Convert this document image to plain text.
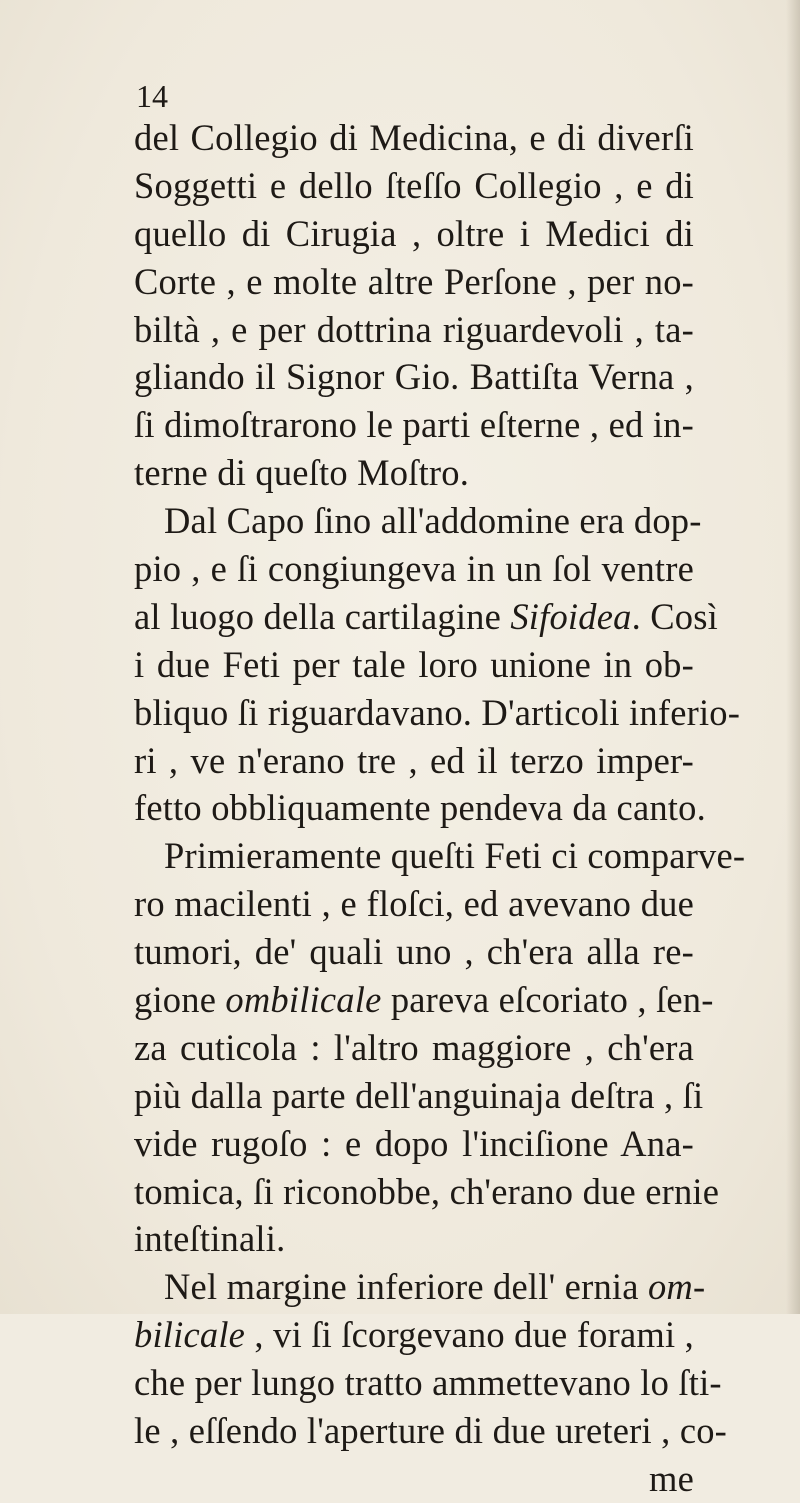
14
del Collegio di Medicina, e di diverſi
Soggetti e dello ſteſſo Collegio , e di
quello di Cirugia , oltre i Medici di
Corte , e molte altre Perſone , per no-
biltà , e per dottrina riguardevoli , ta-
gliando il Signor Gio. Battiſta Verna ,
ſi dimoſtrarono le parti eſterne , ed in-
terne di queſto Moſtro.
Dal Capo ſino all'addomine era dop-
pio , e ſi congiungeva in un ſol ventre
al luogo della cartilagine Sifoidea. Così
i due Feti per tale loro unione in ob-
bliquo ſi riguardavano. D'articoli inferio-
ri , ve n'erano tre , ed il terzo imper-
fetto obbliquamente pendeva da canto.
Primieramente queſti Feti ci comparve-
ro macilenti , e floſci, ed avevano due
tumori, de' quali uno , ch'era alla re-
gione ombilicale pareva eſcoriato , ſen-
za cuticola : l'altro maggiore , ch'era
più dalla parte dell'anguinaja deſtra , ſi
vide rugoſo : e dopo l'inciſione Ana-
tomica, ſi riconobbe, ch'erano due ernie
inteſtinali.
Nel margine inferiore dell' ernia om-
bilicale , vi ſi ſcorgevano due forami ,
che per lungo tratto ammettevano lo ſti-
le , eſſendo l'aperture di due ureteri , co-
me
